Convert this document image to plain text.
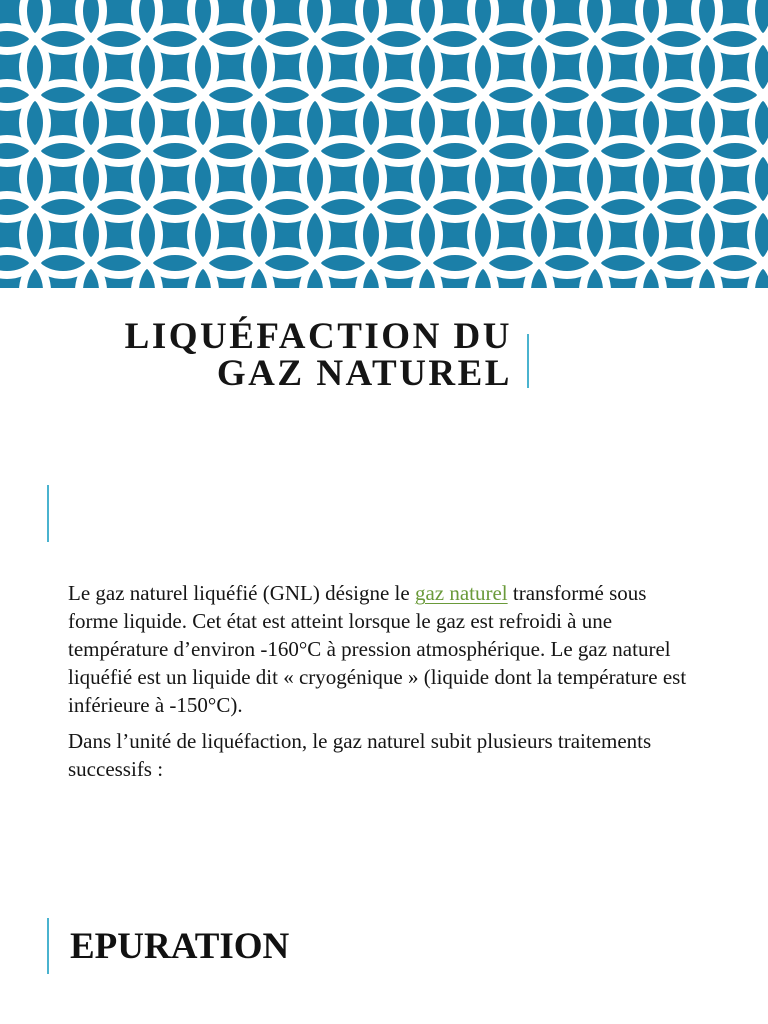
LIQUÉFACTION DU
GAZ NATUREL

Le gaz naturel liquéfié (GNL) désigne le gaz naturel transformé sous forme liquide. Cet état est atteint lorsque le gaz est refroidi à une température d’environ -160°C à pression atmosphérique. Le gaz naturel liquéfié est un liquide dit « cryogénique » (liquide dont la température est inférieure à -150°C).

Dans l’unité de liquéfaction, le gaz naturel subit plusieurs traitements successifs :

EPURATION
